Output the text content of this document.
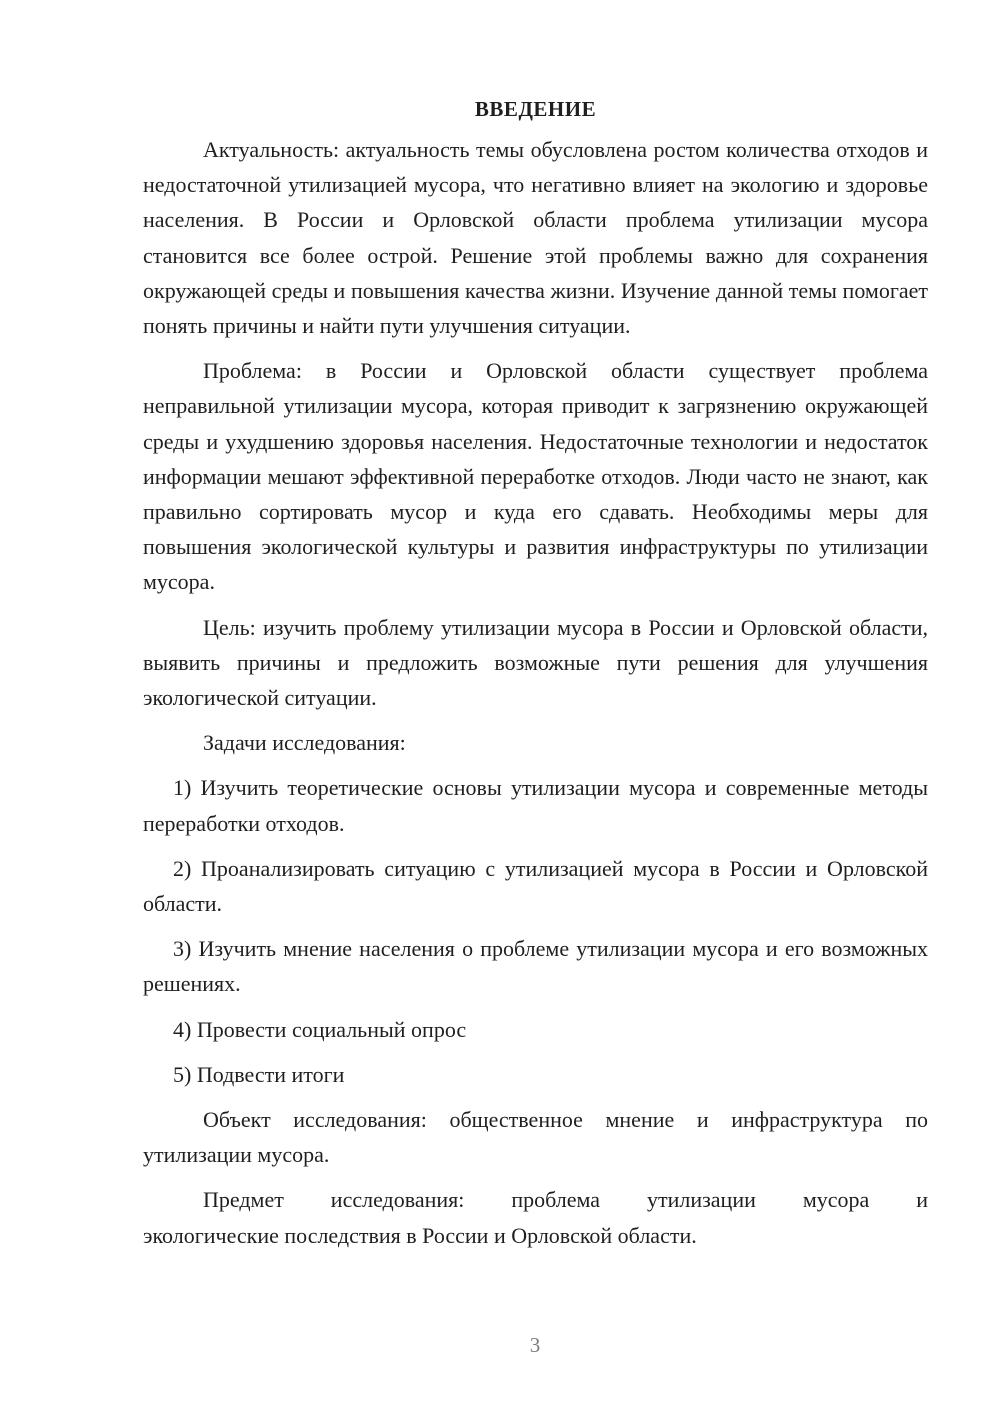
ВВЕДЕНИЕ

Актуальность: актуальность темы обусловлена ростом количества отходов и недостаточной утилизацией мусора, что негативно влияет на экологию и здоровье населения. В России и Орловской области проблема утилизации мусора становится все более острой. Решение этой проблемы важно для сохранения окружающей среды и повышения качества жизни. Изучение данной темы помогает понять причины и найти пути улучшения ситуации.

Проблема: в России и Орловской области существует проблема неправильной утилизации мусора, которая приводит к загрязнению окружающей среды и ухудшению здоровья населения. Недостаточные технологии и недостаток информации мешают эффективной переработке отходов. Люди часто не знают, как правильно сортировать мусор и куда его сдавать. Необходимы меры для повышения экологической культуры и развития инфраструктуры по утилизации мусора.

Цель: изучить проблему утилизации мусора в России и Орловской области, выявить причины и предложить возможные пути решения для улучшения экологической ситуации.

Задачи исследования:

1) Изучить теоретические основы утилизации мусора и современные методы переработки отходов.

2) Проанализировать ситуацию с утилизацией мусора в России и Орловской области.

3) Изучить мнение населения о проблеме утилизации мусора и его возможных решениях.

4) Провести социальный опрос

5) Подвести итоги

Объект исследования: общественное мнение и инфраструктура по утилизации мусора.

Предмет исследования: проблема утилизации мусора и
экологические последствия в России и Орловской области.

3
